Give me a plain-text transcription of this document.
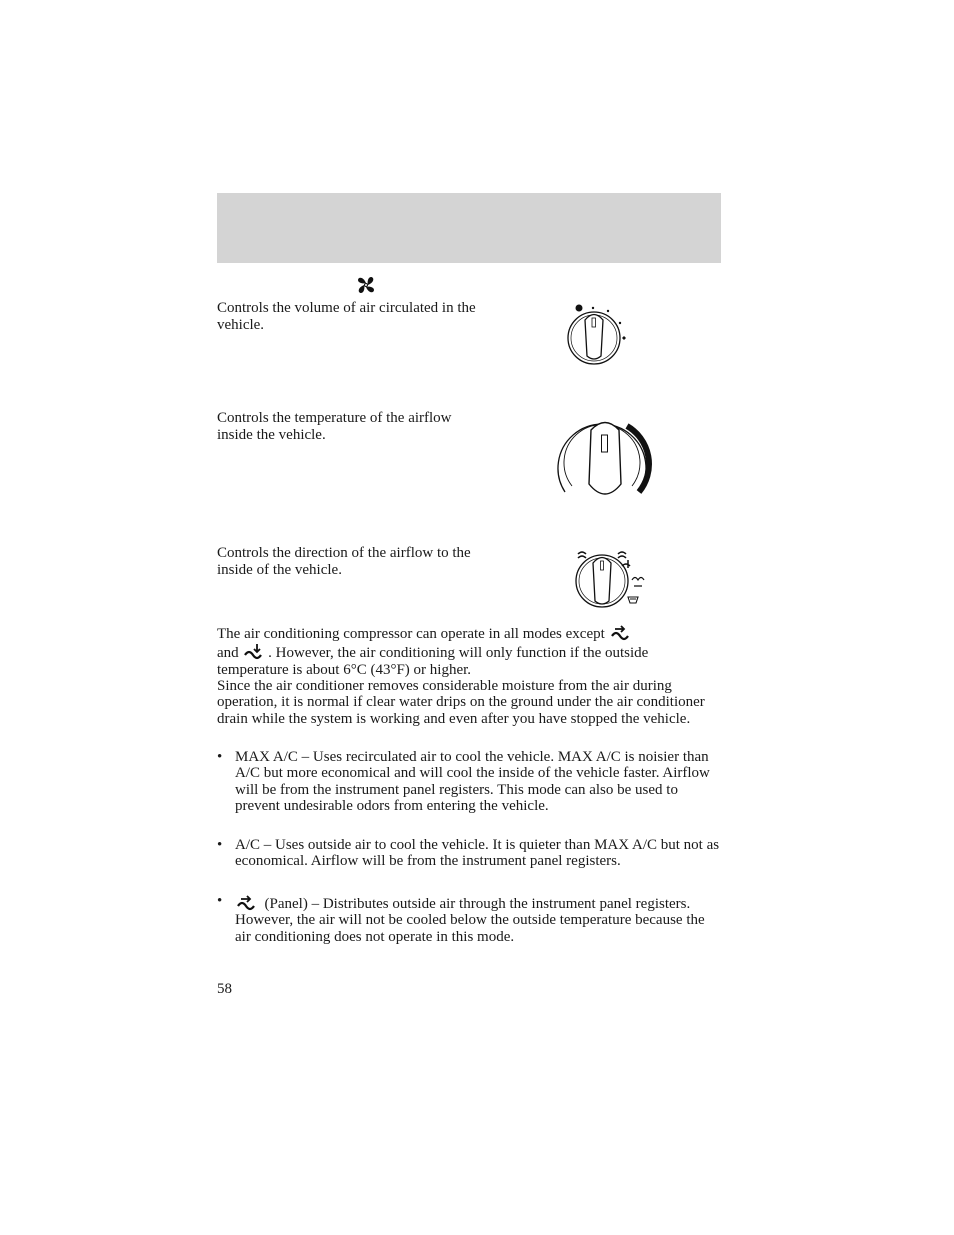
Controls the volume of air circulated in the vehicle.

Controls the temperature of the airflow inside the vehicle.

Controls the direction of the airflow to the inside of the vehicle.

The air conditioning compressor can operate in all modes except
and . However, the air conditioning will only function if the outside temperature is about 6°C (43°F) or higher.

Since the air conditioner removes considerable moisture from the air during operation, it is normal if clear water drips on the ground under the air conditioner drain while the system is working and even after you have stopped the vehicle.

• MAX A/C – Uses recirculated air to cool the vehicle. MAX A/C is noisier than A/C but more economical and will cool the inside of the vehicle faster. Airflow will be from the instrument panel registers. This mode can also be used to prevent undesirable odors from entering the vehicle.
• A/C – Uses outside air to cool the vehicle. It is quieter than MAX A/C but not as economical. Airflow will be from the instrument panel registers.
•	(Panel) – Distributes outside air through the instrument panel registers. However, the air will not be cooled below the outside temperature because the air conditioning does not operate in this mode.
58
